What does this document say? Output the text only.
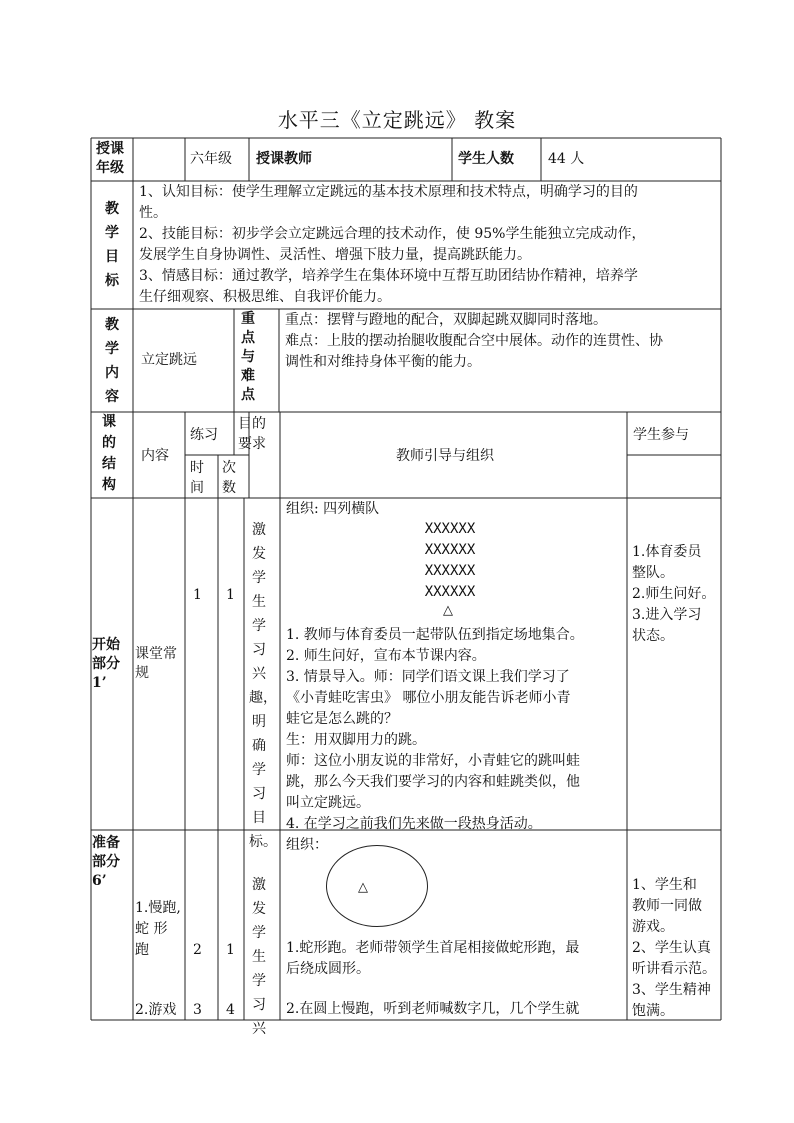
水平三《立定跳远》 教案
授课年级
六年级 授课教师	学生人数 44 人
教学目标
1、认知目标：使学生理解立定跳远的基本技术原理和技术特点，明确学习的目的
性。
2、技能目标：初步学会立定跳远合理的技术动作，使 95%学生能独立完成动作，
发展学生自身协调性、灵活性、增强下肢力量，提高跳跃能力。
3、情感目标：通过教学，培养学生在集体环境中互帮互助团结协作精神，培养学
生仔细观察、积极思维、自我评价能力。
教学内容
立定跳远
重点与难点
重点：摆臂与蹬地的配合，双脚起跳双脚同时落地。
难点：上肢的摆动抬腿收腹配合空中展体。动作的连贯性、协
调性和对维持身体平衡的能力。
课的结构
内容
练习
时间
次数
目的要求
教师引导与组织
学生参与
开始部分1’
课堂常规
1 1
激发学生学习兴趣，明确学习目标。
组织: 四列横队
XXXXXX
XXXXXX
XXXXXX
XXXXXX
△
1. 教师与体育委员一起带队伍到指定场地集合。
2. 师生问好，宣布本节课内容。
3. 情景导入。师：同学们语文课上我们学习了
《小青蛙吃害虫》 哪位小朋友能告诉老师小青
蛙它是怎么跳的？
生：用双脚用力的跳。
师：这位小朋友说的非常好，小青蛙它的跳叫蛙
跳，那么今天我们要学习的内容和蛙跳类似，他
叫立定跳远。
4. 在学习之前我们先来做一段热身活动。
1.体育委员
整队。
2.师生问好。
3.进入学习
状态。
准备部分6’
1.慢跑,
蛇 形
跑	2 1
2.游戏 3 4
激发学生学习兴
组织：
△
1.蛇形跑。老师带领学生首尾相接做蛇形跑，最
后绕成圆形。
2.在圆上慢跑，听到老师喊数字几，几个学生就
1、学生和
教师一同做
游戏。
2、学生认真
听讲看示范。
3、学生精神
饱满。
